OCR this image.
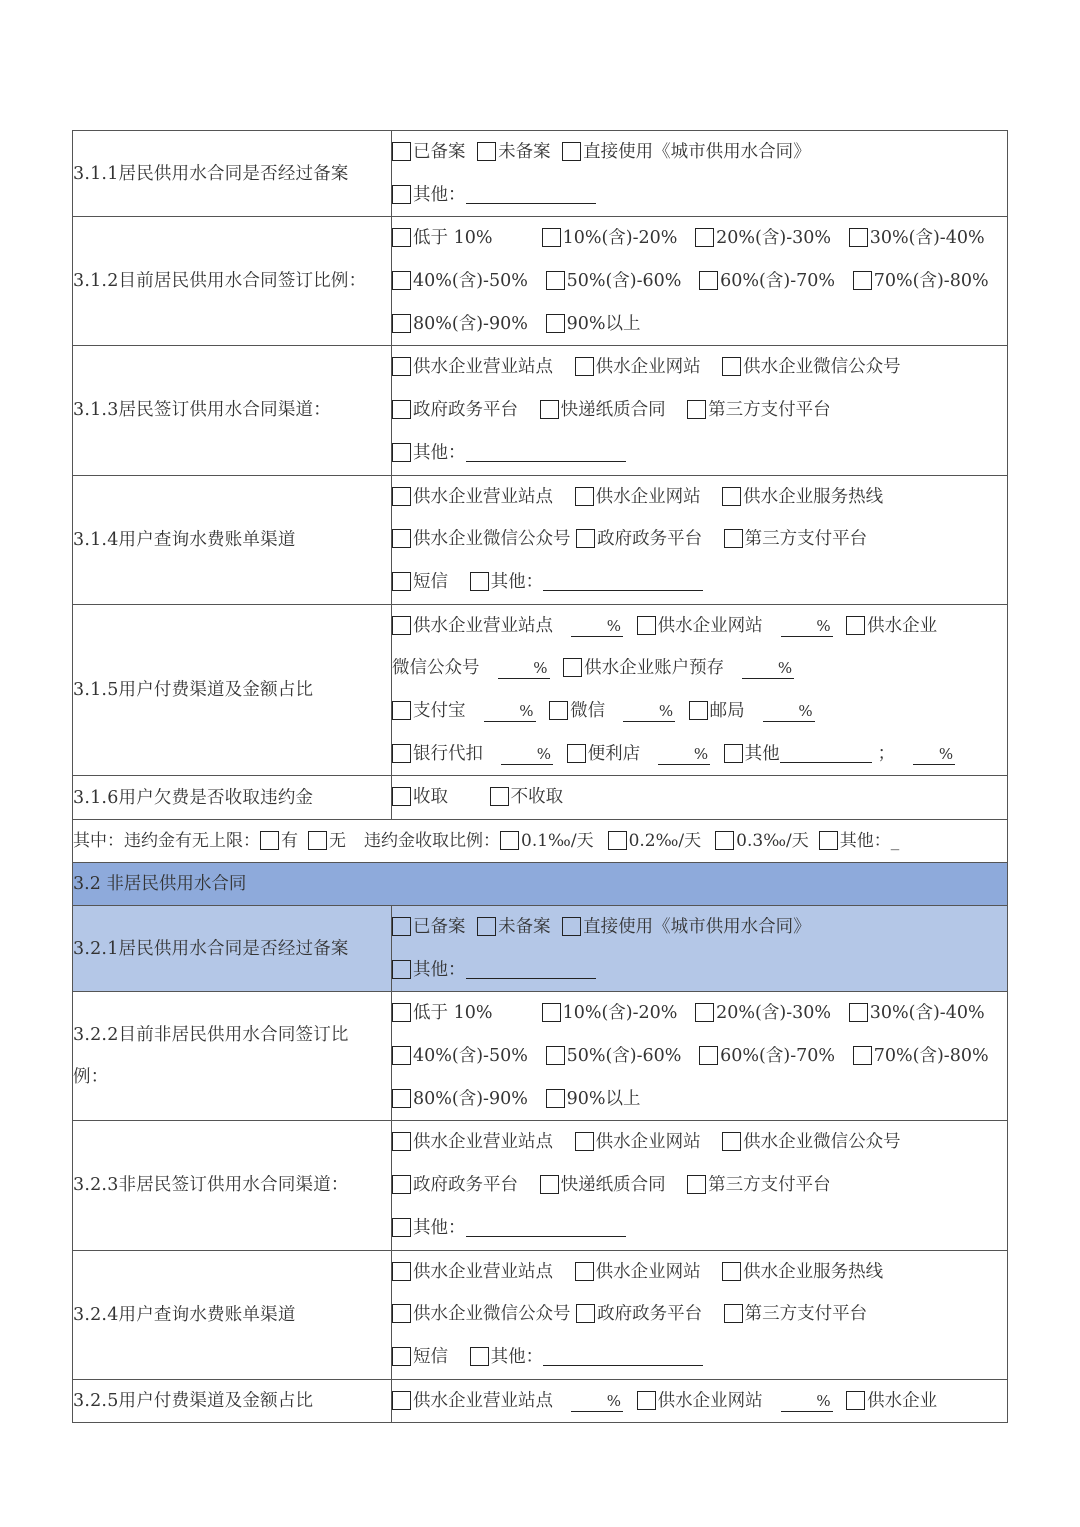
3.1.1居民供用水合同是否经过备案	已备案 未备案 直接使用《城市供用水合同》
其他：

3.1.2目前居民供用水合同签订比例：	低于 10% 10%(含)-20% 20%(含)-30% 30%(含)-40%
40%(含)-50% 50%(含)-60% 60%(含)-70% 70%(含)-80%
80%(含)-90% 90%以上

3.1.3居民签订供用水合同渠道：	供水企业营业站点 供水企业网站 供水企业微信公众号
政府政务平台 快递纸质合同 第三方支付平台
其他：

3.1.4用户查询水费账单渠道	供水企业营业站点 供水企业网站 供水企业服务热线
供水企业微信公众号 政府政务平台 第三方支付平台
短信 其他：

3.1.5用户付费渠道及金额占比	供水企业营业站点 % 供水企业网站 % 供水企业
微信公众号 % 供水企业账户预存 %
支付宝 % 微信 % 邮局 %
银行代扣 % 便利店 % 其他 ； %

3.1.6用户欠费是否收取违约金	收取 不收取

其中：违约金有无上限： 有 无 违约金收取比例： 0.1‰/天 0.2‰/天 0.3‰/天 其他：_	
3.2 非居民供用水合同	
3.2.1居民供用水合同是否经过备案	已备案 未备案 直接使用《城市供用水合同》
其他：

3.2.2目前非居民供用水合同签订比例：	低于 10% 10%(含)-20% 20%(含)-30% 30%(含)-40%
40%(含)-50% 50%(含)-60% 60%(含)-70% 70%(含)-80%
80%(含)-90% 90%以上

3.2.3非居民签订供用水合同渠道：	供水企业营业站点 供水企业网站 供水企业微信公众号
政府政务平台 快递纸质合同 第三方支付平台
其他：

3.2.4用户查询水费账单渠道	供水企业营业站点 供水企业网站 供水企业服务热线
供水企业微信公众号 政府政务平台 第三方支付平台
短信 其他：

3.2.5用户付费渠道及金额占比	供水企业营业站点 % 供水企业网站 % 供水企业
